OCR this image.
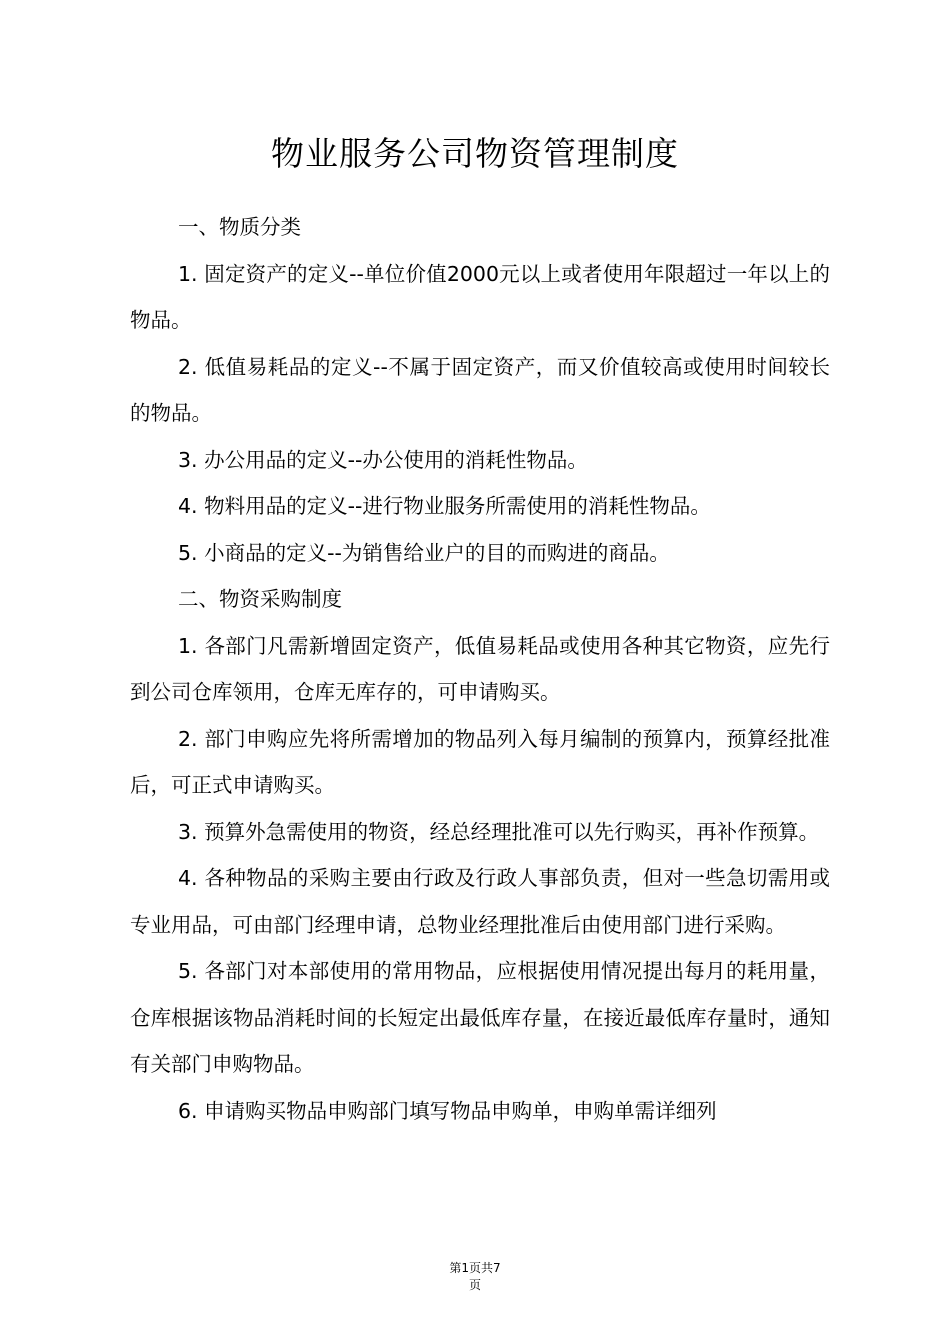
物业服务公司物资管理制度

一、物质分类

1. 固定资产的定义--单位价值2000元以上或者使用年限超过一年以上的物品。

2. 低值易耗品的定义--不属于固定资产，而又价值较高或使用时间较长的物品。

3. 办公用品的定义--办公使用的消耗性物品。

4. 物料用品的定义--进行物业服务所需使用的消耗性物品。

5. 小商品的定义--为销售给业户的目的而购进的商品。

二、物资采购制度

1. 各部门凡需新增固定资产，低值易耗品或使用各种其它物资，应先行到公司仓库领用，仓库无库存的，可申请购买。

2. 部门申购应先将所需增加的物品列入每月编制的预算内，预算经批准后，可正式申请购买。

3. 预算外急需使用的物资，经总经理批准可以先行购买，再补作预算。

4. 各种物品的采购主要由行政及行政人事部负责，但对一些急切需用或专业用品，可由部门经理申请，总物业经理批准后由使用部门进行采购。

5. 各部门对本部使用的常用物品，应根据使用情况提出每月的耗用量，仓库根据该物品消耗时间的长短定出最低库存量，在接近最低库存量时，通知有关部门申购物品。

6. 申请购买物品申购部门填写物品申购单，申购单需详细列

第1页共7
页
